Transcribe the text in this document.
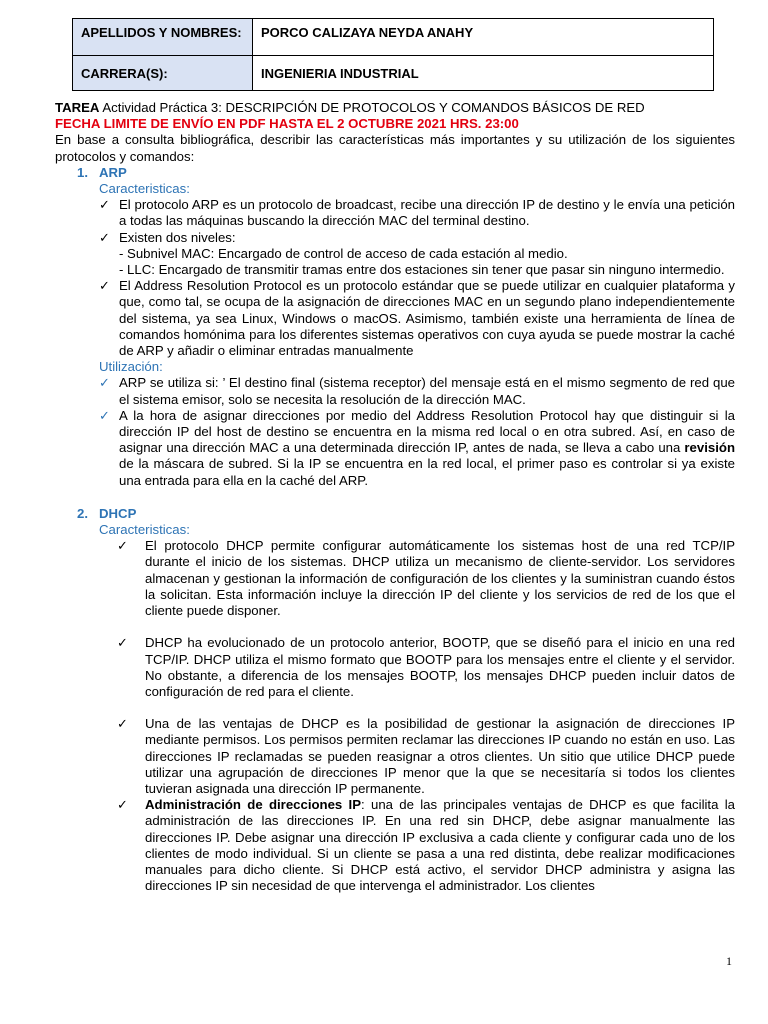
APELLIDOS Y NOMBRES:	PORCO CALIZAYA NEYDA ANAHY
CARRERA(S):	INGENIERIA INDUSTRIAL

TAREA Actividad Práctica 3: DESCRIPCIÓN DE PROTOCOLOS Y COMANDOS BÁSICOS DE RED

FECHA LIMITE DE ENVÍO EN PDF HASTA EL 2 OCTUBRE 2021 HRS. 23:00

En base a consulta bibliográfica, describir las características más importantes y su utilización de los siguientes protocolos y comandos:

1. ARP

Caracteristicas:

✓ El protocolo ARP es un protocolo de broadcast, recibe una dirección IP de destino y le envía una petición a todas las máquinas buscando la dirección MAC del terminal destino.
✓ Existen dos niveles:
- Subnivel MAC: Encargado de control de acceso de cada estación al medio.
- LLC: Encargado de transmitir tramas entre dos estaciones sin tener que pasar sin ninguno intermedio.
✓ El Address Resolution Protocol es un protocolo estándar que se puede utilizar en cualquier plataforma y que, como tal, se ocupa de la asignación de direcciones MAC en un segundo plano independientemente del sistema, ya sea Linux, Windows o macOS. Asimismo, también existe una herramienta de línea de comandos homónima para los diferentes sistemas operativos con cuya ayuda se puede mostrar la caché de ARP y añadir o eliminar entradas manualmente

Utilización:

✓ ARP se utiliza si: ’ El destino final (sistema receptor) del mensaje está en el mismo segmento de red que el sistema emisor, solo se necesita la resolución de la dirección MAC.
✓ A la hora de asignar direcciones por medio del Address Resolution Protocol hay que distinguir si la dirección IP del host de destino se encuentra en la misma red local o en otra subred. Así, en caso de asignar una dirección MAC a una determinada dirección IP, antes de nada, se lleva a cabo una revisión de la máscara de subred. Si la IP se encuentra en la red local, el primer paso es controlar si ya existe una entrada para ella en la caché del ARP.

2. DHCP

Caracteristicas:

✓	El protocolo DHCP permite configurar automáticamente los sistemas host de una red TCP/IP durante el inicio de los sistemas. DHCP utiliza un mecanismo de cliente-servidor. Los servidores almacenan y gestionan la información de configuración de los clientes y la suministran cuando éstos la solicitan. Esta información incluye la dirección IP del cliente y los servicios de red de los que el cliente puede disponer.
✓	DHCP ha evolucionado de un protocolo anterior, BOOTP, que se diseñó para el inicio en una red TCP/IP. DHCP utiliza el mismo formato que BOOTP para los mensajes entre el cliente y el servidor. No obstante, a diferencia de los mensajes BOOTP, los mensajes DHCP pueden incluir datos de configuración de red para el cliente.
✓	Una de las ventajas de DHCP es la posibilidad de gestionar la asignación de direcciones IP mediante permisos. Los permisos permiten reclamar las direcciones IP cuando no están en uso. Las direcciones IP reclamadas se pueden reasignar a otros clientes. Un sitio que utilice DHCP puede utilizar una agrupación de direcciones IP menor que la que se necesitaría si todos los clientes tuvieran asignada una dirección IP permanente.
✓	Administración de direcciones IP: una de las principales ventajas de DHCP es que facilita la administración de las direcciones IP. En una red sin DHCP, debe asignar manualmente las direcciones IP. Debe asignar una dirección IP exclusiva a cada cliente y configurar cada uno de los clientes de modo individual. Si un cliente se pasa a una red distinta, debe realizar modificaciones manuales para dicho cliente. Si DHCP está activo, el servidor DHCP administra y asigna las direcciones IP sin necesidad de que intervenga el administrador. Los clientes
1
